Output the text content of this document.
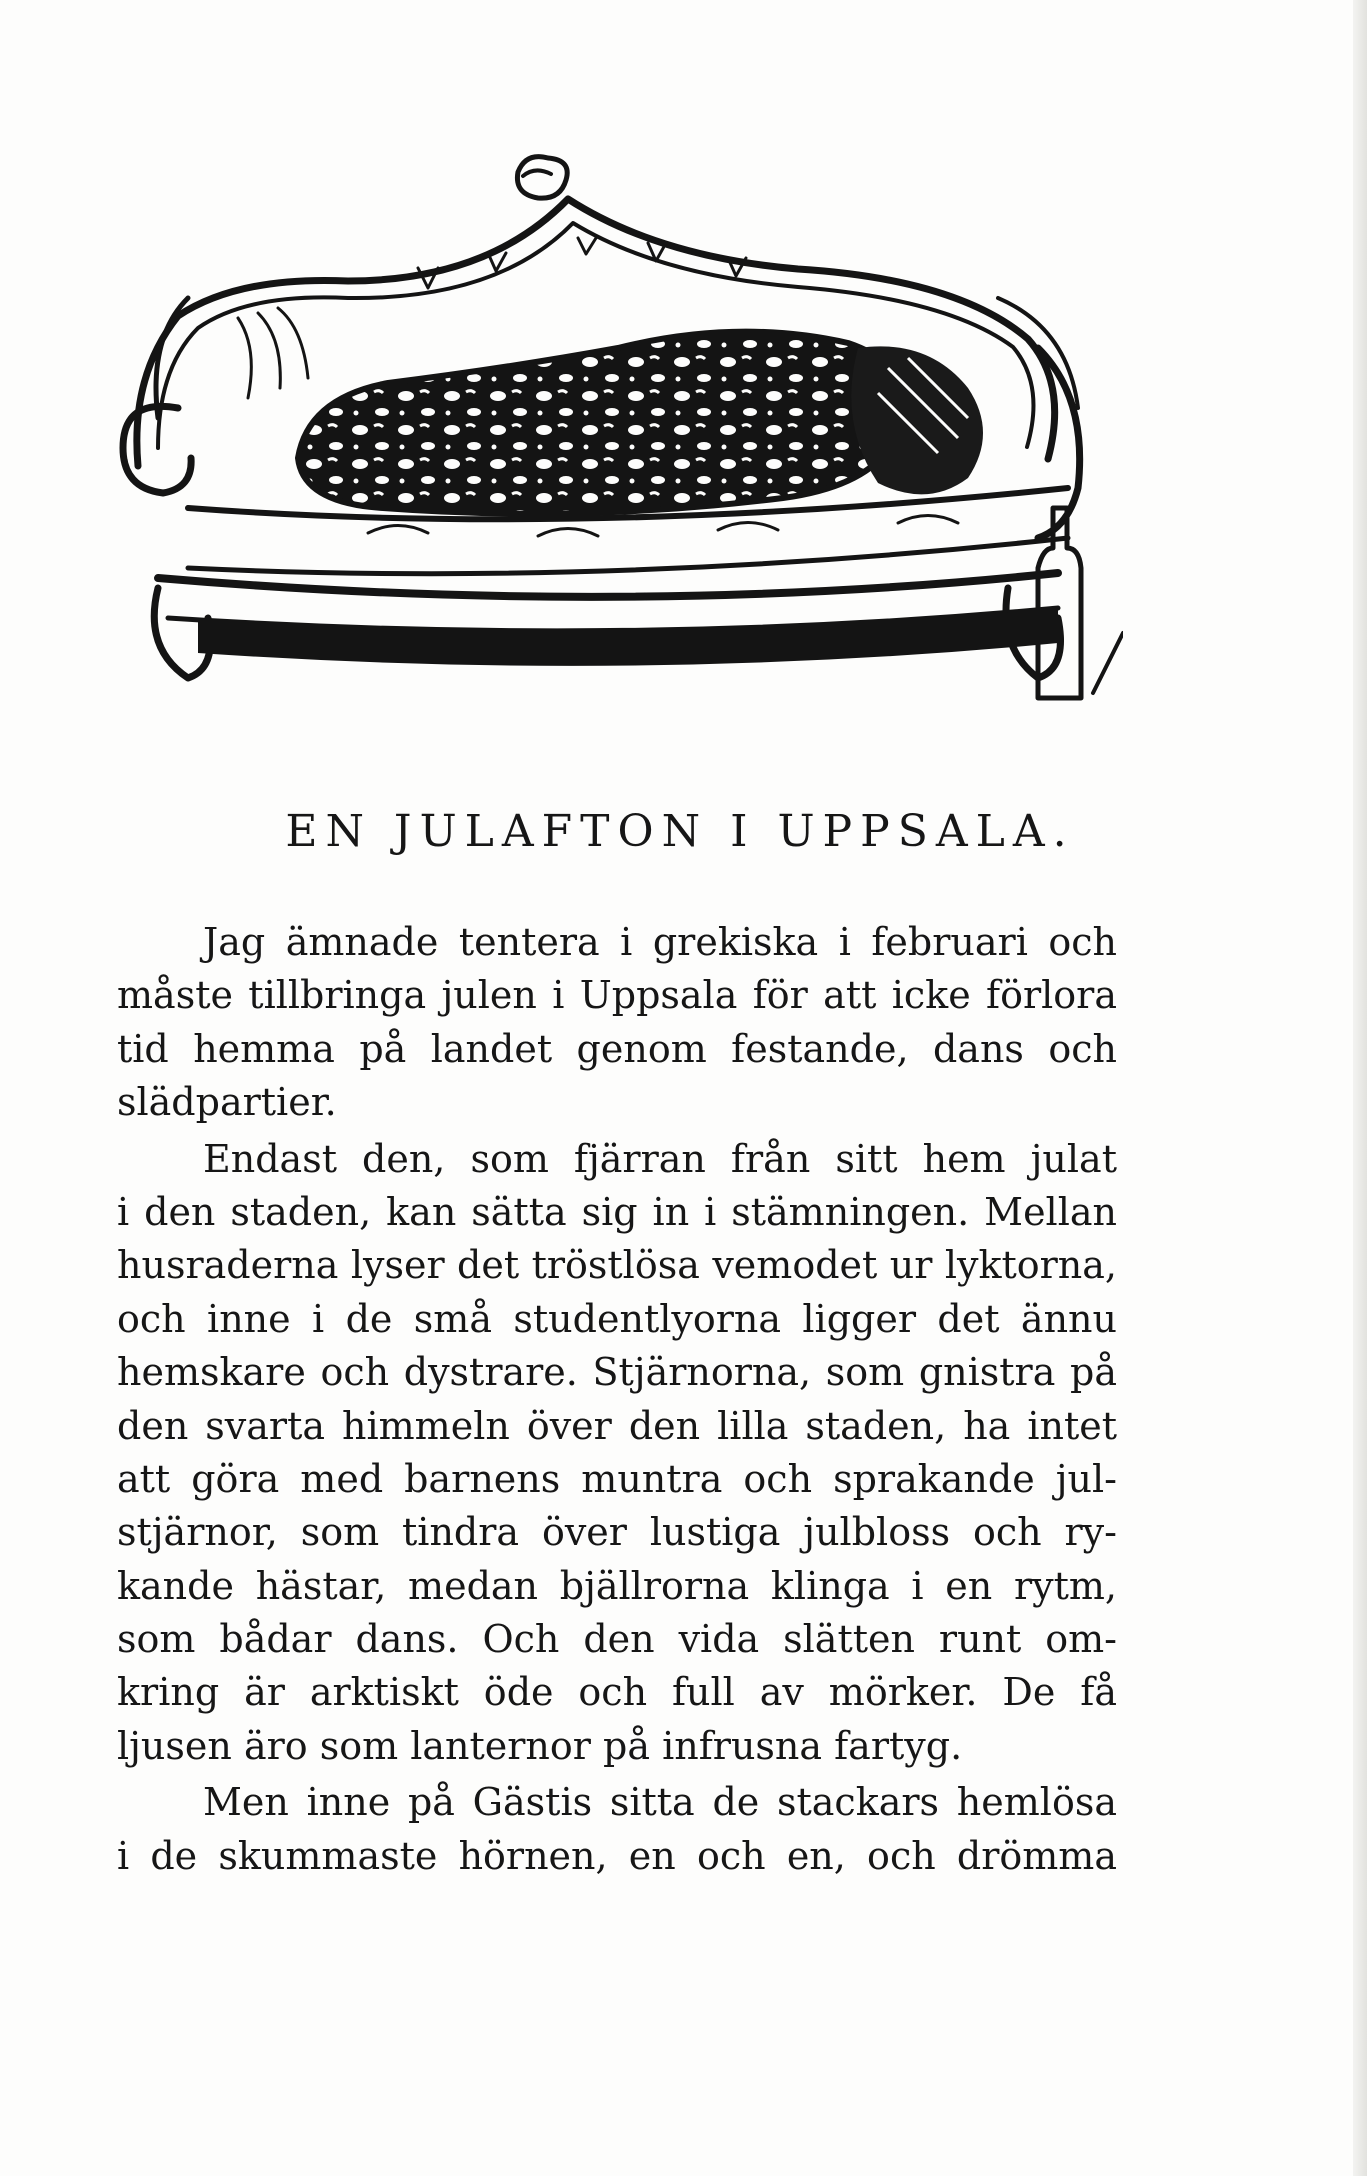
EN JULAFTON I UPPSALA.
Jag ämnade tentera i grekiska i februari och
måste tillbringa julen i Uppsala för att icke förlora
tid hemma på landet genom festande, dans och
slädpartier.
Endast den, som fjärran från sitt hem julat
i den staden, kan sätta sig in i stämningen. Mellan
husraderna lyser det tröstlösa vemodet ur lyktorna,
och inne i de små studentlyorna ligger det ännu
hemskare och dystrare. Stjärnorna, som gnistra på
den svarta himmeln över den lilla staden, ha intet
att göra med barnens muntra och sprakande jul-
stjärnor, som tindra över lustiga julbloss och ry-
kande hästar, medan bjällrorna klinga i en rytm,
som bådar dans. Och den vida slätten runt om-
kring är arktiskt öde och full av mörker. De få
ljusen äro som lanternor på infrusna fartyg.
Men inne på Gästis sitta de stackars hemlösa
i de skummaste hörnen, en och en, och drömma
